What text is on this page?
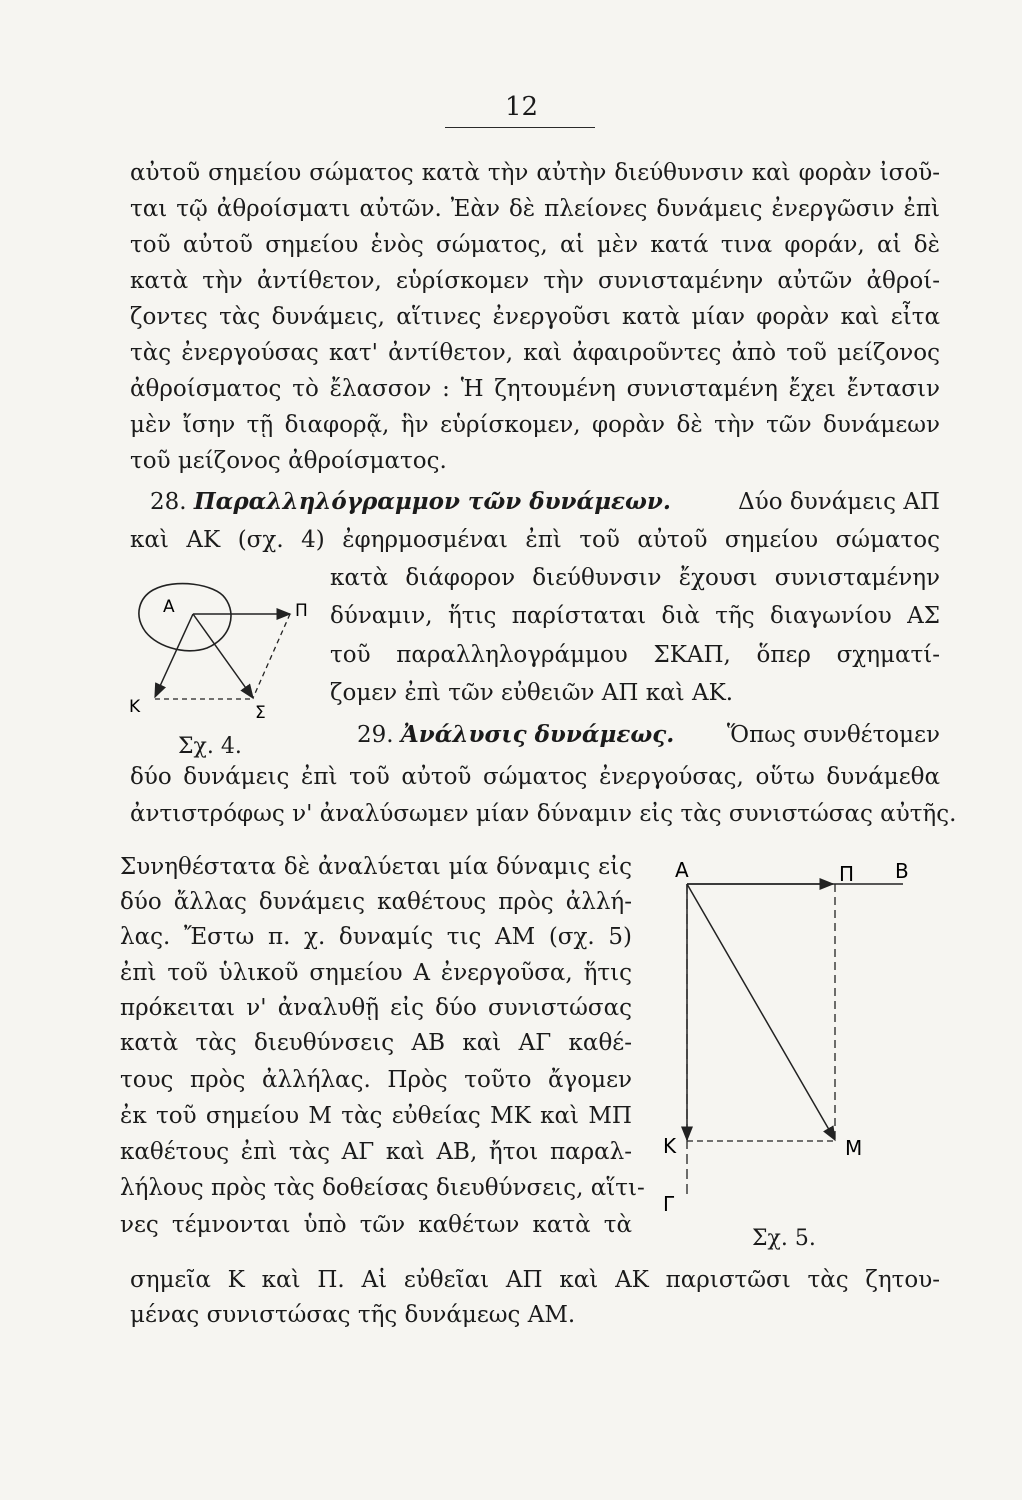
12
αὐτοῦ σημείου σώματος κατὰ τὴν αὐτὴν διεύθυνσιν καὶ φορὰν ἰσοῦ-
ται τῷ ἀθροίσματι αὐτῶν. Ἐὰν δὲ πλείονες δυνάμεις ἐνεργῶσιν ἐπὶ
τοῦ αὐτοῦ σημείου ἑνὸς σώματος, αἱ μὲν κατά τινα φοράν, αἱ δὲ
κατὰ τὴν ἀντίθετον, εὑρίσκομεν τὴν συνισταμένην αὐτῶν ἀθροί-
ζοντες τὰς δυνάμεις, αἵτινες ἐνεργοῦσι κατὰ μίαν φορὰν καὶ εἶτα
τὰς ἐνεργούσας κατ' ἀντίθετον, καὶ ἀφαιροῦντες ἀπὸ τοῦ μείζονος
ἀθροίσματος τὸ ἔλασσον : Ἡ ζητουμένη συνισταμένη ἔχει ἔντασιν
μὲν ἴσην τῇ διαφορᾷ, ἣν εὑρίσκομεν, φορὰν δὲ τὴν τῶν δυνάμεων
τοῦ μείζονος ἀθροίσματος.
28. Παραλληλόγραμμον τῶν δυνάμεων.	Δύο δυνάμεις ΑΠ
καὶ ΑΚ (σχ. 4) ἐφηρμοσμέναι ἐπὶ τοῦ αὐτοῦ σημείου σώματος
κατὰ διάφορον διεύθυνσιν ἔχουσι συνισταμένην
δύναμιν, ἥτις παρίσταται διὰ τῆς διαγωνίου ΑΣ
τοῦ παραλληλογράμμου ΣΚΑΠ, ὅπερ σχηματί-
ζομεν ἐπὶ τῶν εὐθειῶν ΑΠ καὶ ΑΚ.
Α	Π
Κ	Σ
Σχ. 4.	29. Ἀνάλυσις δυνάμεως. Ὅπως συνθέτομεν
δύο δυνάμεις ἐπὶ τοῦ αὐτοῦ σώματος ἐνεργούσας, οὕτω δυνάμεθα
ἀντιστρόφως ν' ἀναλύσωμεν μίαν δύναμιν εἰς τὰς συνιστώσας αὐτῆς.
Συνηθέστατα δὲ ἀναλύεται μία δύναμις εἰς
δύο ἄλλας δυνάμεις καθέτους πρὸς ἀλλή-
λας. Ἔστω π. χ. δυναμίς τις ΑΜ (σχ. 5)
ἐπὶ τοῦ ὑλικοῦ σημείου Α ἐνεργοῦσα, ἥτις
πρόκειται ν' ἀναλυθῇ εἰς δύο συνιστώσας
κατὰ τὰς διευθύνσεις ΑΒ καὶ ΑΓ καθέ-
τους πρὸς ἀλλήλας. Πρὸς τοῦτο ἄγομεν
ἐκ τοῦ σημείου Μ τὰς εὐθείας ΜΚ καὶ ΜΠ
καθέτους ἐπὶ τὰς ΑΓ καὶ ΑΒ, ἤτοι παραλ-
λήλους πρὸς τὰς δοθείσας διευθύνσεις, αἵτι-
νες τέμνονται ὑπὸ τῶν καθέτων κατὰ τὰ
Α	Π Β
Κ	Μ
Γ
Σχ. 5.
σημεῖα Κ καὶ Π. Αἱ εὐθεῖαι ΑΠ καὶ ΑΚ παριστῶσι τὰς ζητου-
μένας συνιστώσας τῆς δυνάμεως ΑΜ.
